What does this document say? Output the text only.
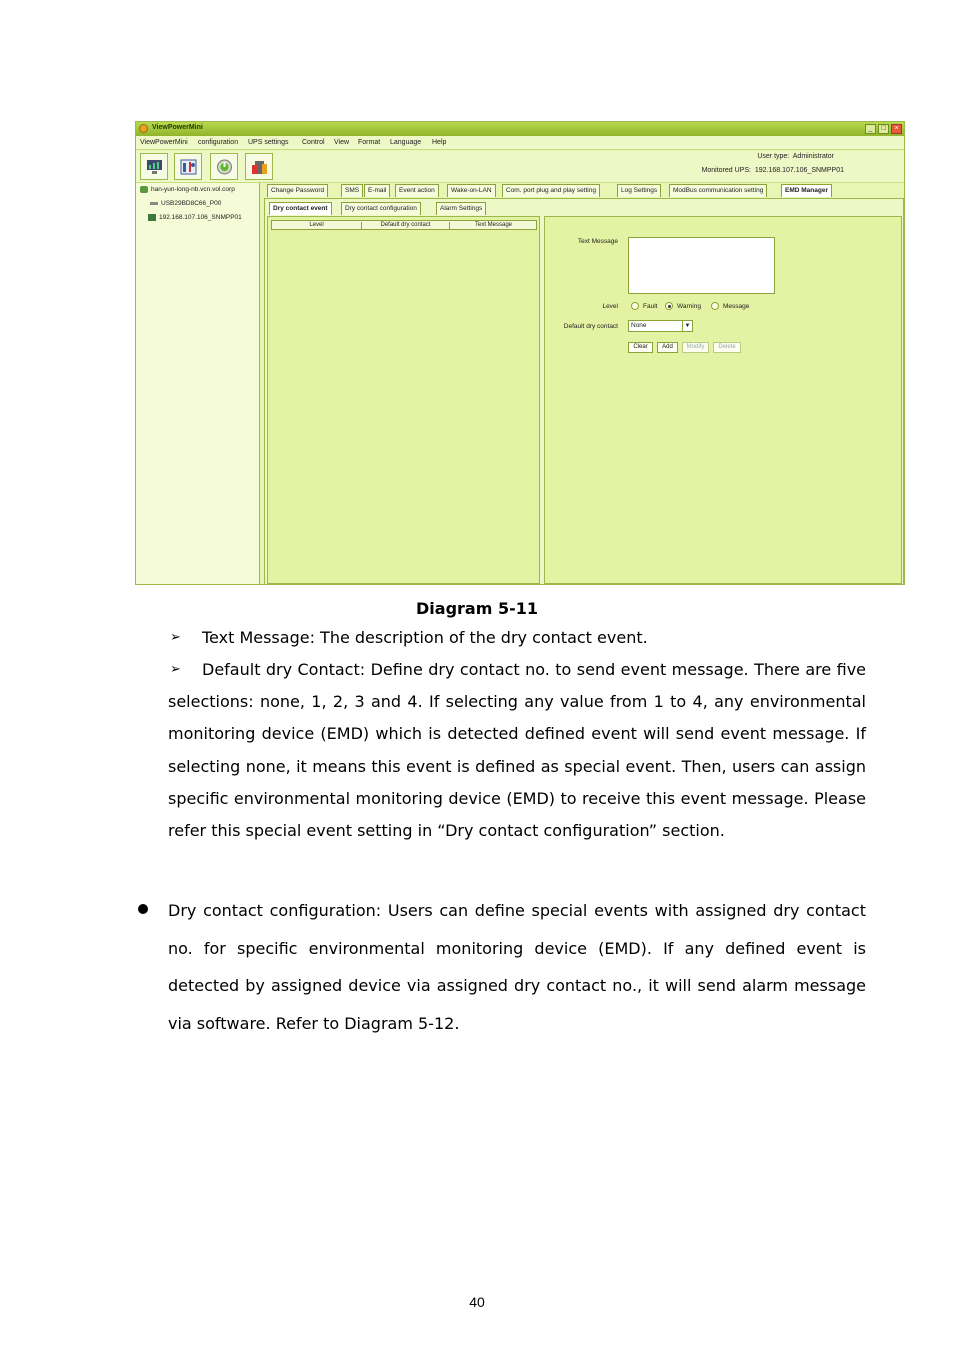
ViewPowerMini	_	□	×
ViewPowerMini configuration UPS settings Control View Format Language Help
User type: Administrator
Monitored UPS: 192.168.107.106_SNMPP01
han-yun-long-nb.vcn.vol.corp
USB29BD8C66_P00
192.168.107.106_SNMPP01
Change Password	SMS	E-mail	Event action	Wake-on-LAN	Com. port plug and play setting	Log Settings	ModBus communication setting	EMD Manager
Dry contact event	Dry contact configuration	Alarm Settings
Level	Default dry contact	Text Message
Text Message
Level	Fault	Warning	Message
Default dry contact	None	▼
Clear	Add	Modify	Delete
Diagram 5-11
➢ Text Message: The description of the dry contact event.
➢	Default dry Contact: Define dry contact no. to send event message. There are five selections: none, 1, 2, 3 and 4. If selecting any value from 1 to 4, any environmental monitoring device (EMD) which is detected defined event will send event message. If selecting none, it means this event is defined as special event. Then, users can assign specific environmental monitoring device (EMD) to receive this event message. Please refer this special event setting in “Dry contact configuration” section.
Dry contact configuration: Users can define special events with assigned dry contact no. for specific environmental monitoring device (EMD). If any defined event is detected by assigned device via assigned dry contact no., it will send alarm message via software. Refer to Diagram 5-12.
40
